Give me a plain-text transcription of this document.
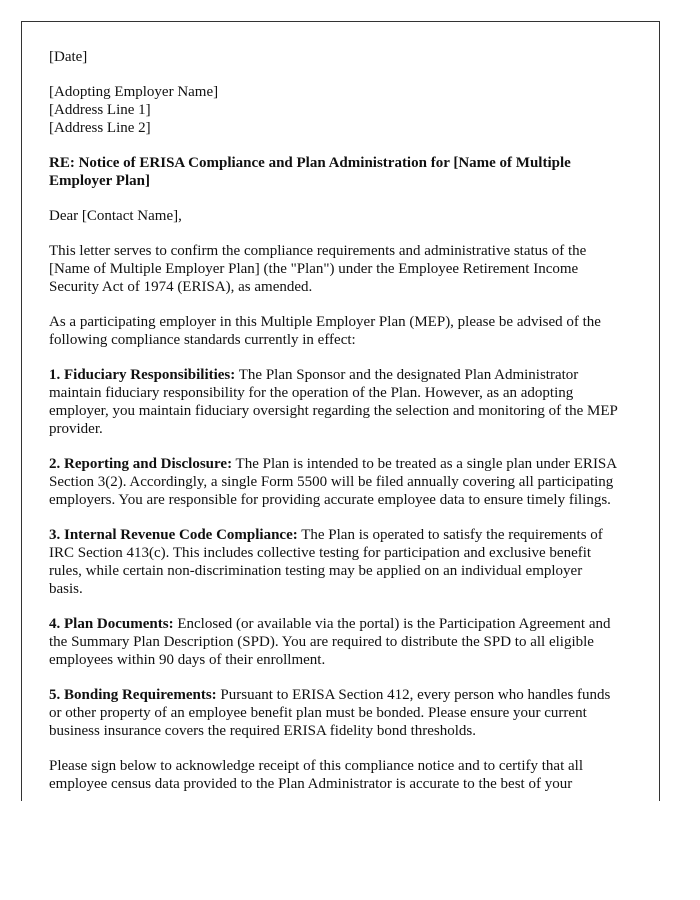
[Date]

[Adopting Employer Name]
[Address Line 1]
[Address Line 2]

RE: Notice of ERISA Compliance and Plan Administration for [Name of Multiple Employer Plan]

Dear [Contact Name],

This letter serves to confirm the compliance requirements and administrative status of the [Name of Multiple Employer Plan] (the "Plan") under the Employee Retirement Income Security Act of 1974 (ERISA), as amended.

As a participating employer in this Multiple Employer Plan (MEP), please be advised of the following compliance standards currently in effect:

1. Fiduciary Responsibilities: The Plan Sponsor and the designated Plan Administrator maintain fiduciary responsibility for the operation of the Plan. However, as an adopting employer, you maintain fiduciary oversight regarding the selection and monitoring of the MEP provider.

2. Reporting and Disclosure: The Plan is intended to be treated as a single plan under ERISA Section 3(2). Accordingly, a single Form 5500 will be filed annually covering all participating employers. You are responsible for providing accurate employee data to ensure timely filings.

3. Internal Revenue Code Compliance: The Plan is operated to satisfy the requirements of IRC Section 413(c). This includes collective testing for participation and exclusive benefit rules, while certain non-discrimination testing may be applied on an individual employer basis.

4. Plan Documents: Enclosed (or available via the portal) is the Participation Agreement and the Summary Plan Description (SPD). You are required to distribute the SPD to all eligible employees within 90 days of their enrollment.

5. Bonding Requirements: Pursuant to ERISA Section 412, every person who handles funds or other property of an employee benefit plan must be bonded. Please ensure your current business insurance covers the required ERISA fidelity bond thresholds.

Please sign below to acknowledge receipt of this compliance notice and to certify that all employee census data provided to the Plan Administrator is accurate to the best of your
